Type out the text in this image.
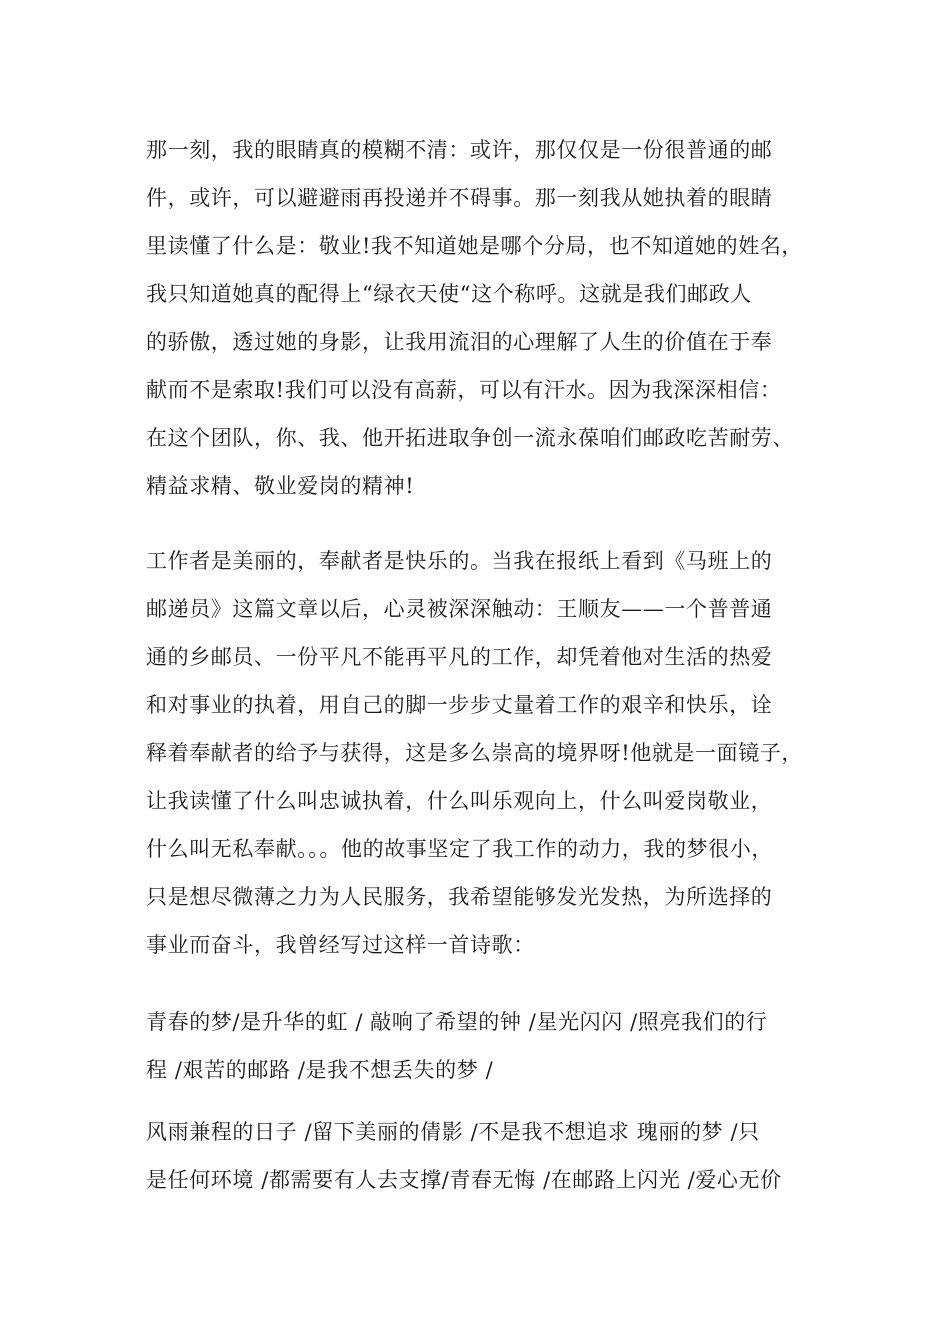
那一刻，我的眼睛真的模糊不清：或许，那仅仅是一份很普通的邮
件，或许，可以避避雨再投递并不碍事。那一刻我从她执着的眼睛
里读懂了什么是：敬业!我不知道她是哪个分局，也不知道她的姓名，
我只知道她真的配得上“绿衣天使“这个称呼。这就是我们邮政人
的骄傲，透过她的身影，让我用流泪的心理解了人生的价值在于奉
献而不是索取!我们可以没有高薪，可以有汗水。因为我深深相信：
在这个团队，你、我、他开拓进取争创一流永葆咱们邮政吃苦耐劳、
精益求精、敬业爱岗的精神!
工作者是美丽的，奉献者是快乐的。当我在报纸上看到《马班上的
邮递员》这篇文章以后，心灵被深深触动：王顺友——一个普普通
通的乡邮员、一份平凡不能再平凡的工作，却凭着他对生活的热爱
和对事业的执着，用自己的脚一步步丈量着工作的艰辛和快乐，诠
释着奉献者的给予与获得，这是多么崇高的境界呀!他就是一面镜子，
让我读懂了什么叫忠诚执着，什么叫乐观向上，什么叫爱岗敬业，
什么叫无私奉献。。。他的故事坚定了我工作的动力，我的梦很小，
只是想尽微薄之力为人民服务，我希望能够发光发热，为所选择的
事业而奋斗，我曾经写过这样一首诗歌：
青春的梦/是升华的虹 / 敲响了希望的钟 /星光闪闪 /照亮我们的行
程 /艰苦的邮路 /是我不想丢失的梦 /
风雨兼程的日子 /留下美丽的倩影 /不是我不想追求 瑰丽的梦 /只
是任何环境 /都需要有人去支撑/青春无悔 /在邮路上闪光 /爱心无价
